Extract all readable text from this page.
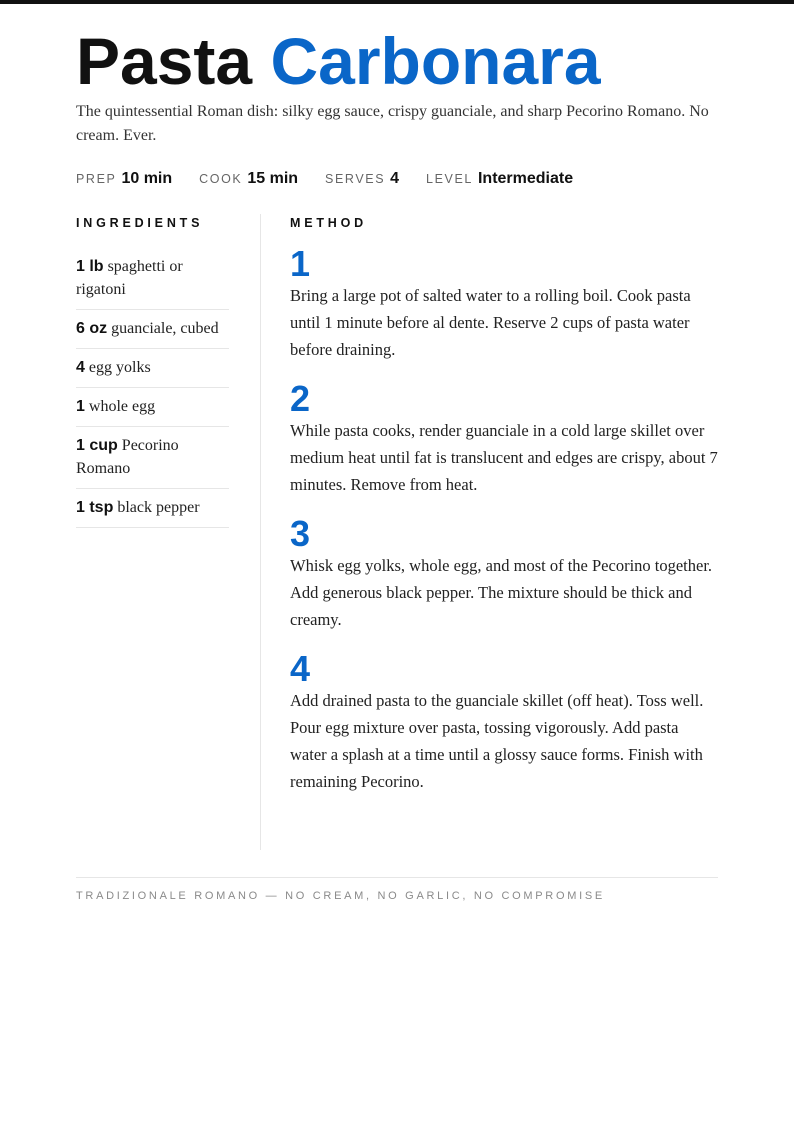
Pasta Carbonara
The quintessential Roman dish: silky egg sauce, crispy guanciale, and sharp Pecorino Romano. No cream. Ever.
PREP 10 min COOK 15 min SERVES 4 LEVEL Intermediate
INGREDIENTS
1 lb spaghetti or rigatoni
6 oz guanciale, cubed
4 egg yolks
1 whole egg
1 cup Pecorino Romano
1 tsp black pepper
METHOD
1

Bring a large pot of salted water to a rolling boil. Cook pasta until 1 minute before al dente. Reserve 2 cups of pasta water before draining.

2

While pasta cooks, render guanciale in a cold large skillet over medium heat until fat is translucent and edges are crispy, about 7 minutes. Remove from heat.

3

Whisk egg yolks, whole egg, and most of the Pecorino together. Add generous black pepper. The mixture should be thick and creamy.

4

Add drained pasta to the guanciale skillet (off heat). Toss well. Pour egg mixture over pasta, tossing vigorously. Add pasta water a splash at a time until a glossy sauce forms. Finish with remaining Pecorino.

TRADIZIONALE ROMANO — NO CREAM, NO GARLIC, NO COMPROMISE
